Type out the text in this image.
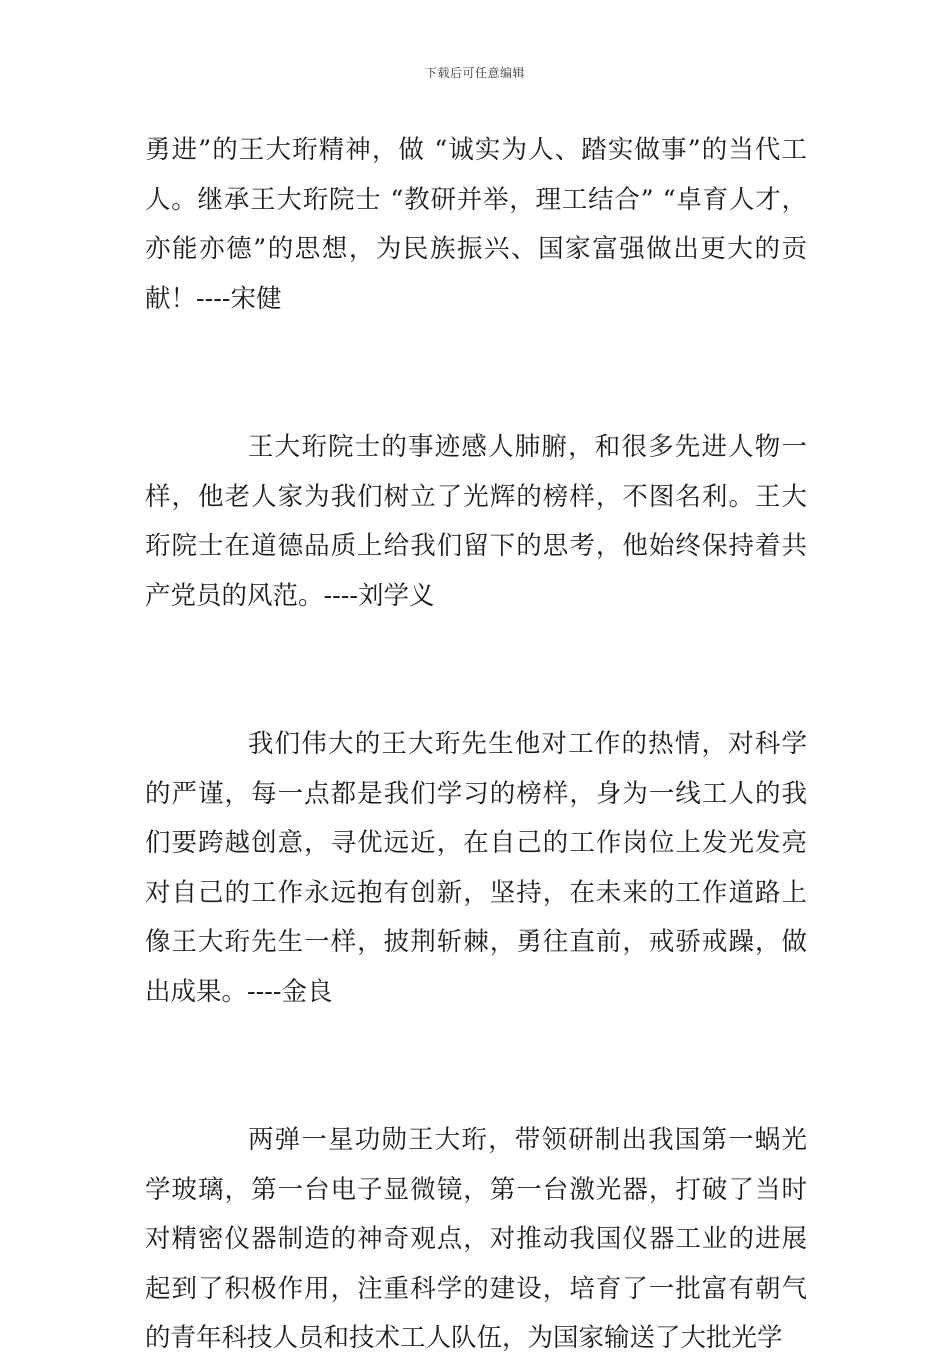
下载后可任意编辑

勇进”的王大珩精神，做 “诚实为人、踏实做事”的当代工人。继承王大珩院士 “教研并举，理工结合” “卓育人才，亦能亦德”的思想，为民族振兴、国家富强做出更大的贡献！----宋健

王大珩院士的事迹感人肺腑，和很多先进人物一样，他老人家为我们树立了光辉的榜样，不图名利。王大珩院士在道德品质上给我们留下的思考，他始终保持着共产党员的风范。----刘学义

我们伟大的王大珩先生他对工作的热情，对科学的严谨，每一点都是我们学习的榜样，身为一线工人的我们要跨越创意，寻优远近，在自己的工作岗位上发光发亮对自己的工作永远抱有创新，坚持，在未来的工作道路上像王大珩先生一样，披荆斩棘，勇往直前，戒骄戒躁，做出成果。----金良

两弹一星功勋王大珩，带领研制出我国第一蜗光学玻璃，第一台电子显微镜，第一台激光器，打破了当时对精密仪器制造的神奇观点，对推动我国仪器工业的进展起到了积极作用，注重科学的建设，培育了一批富有朝气的青年科技人员和技术工人队伍，为国家输送了大批光学
